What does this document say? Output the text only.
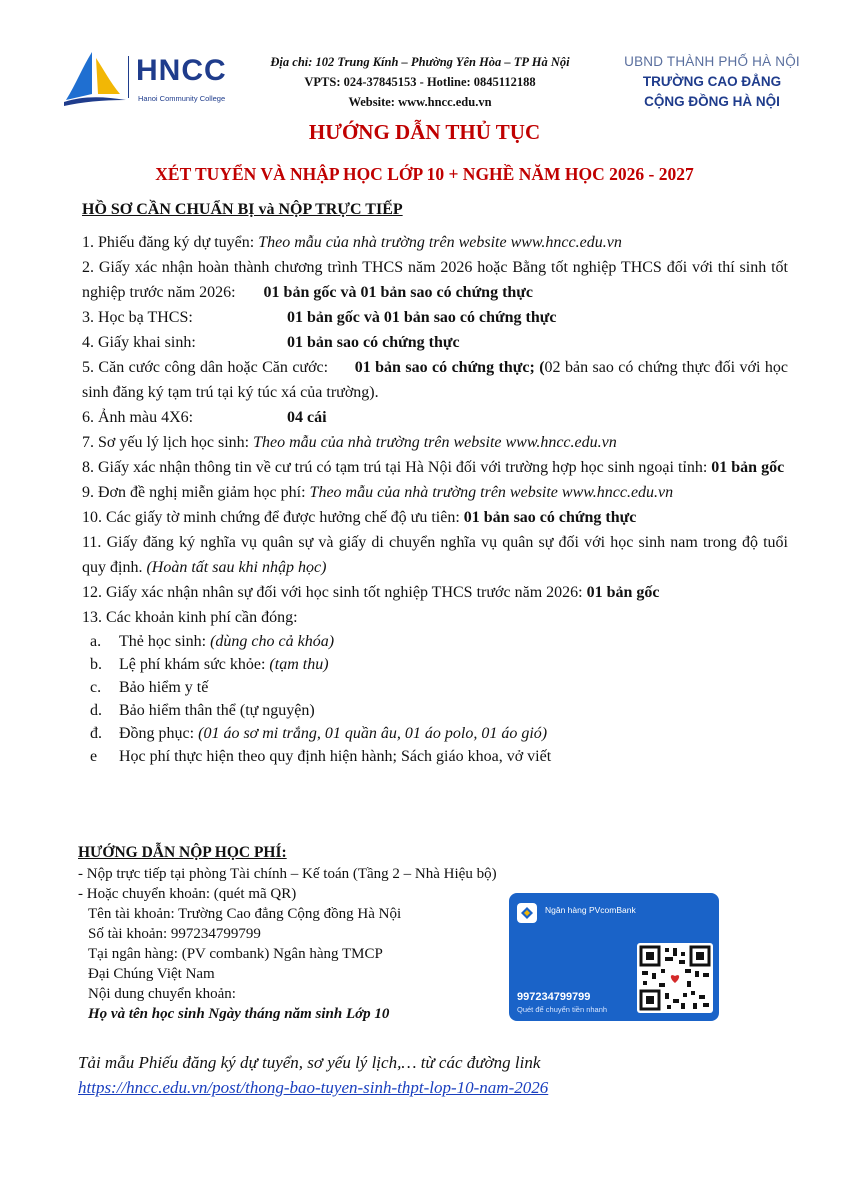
HNCC
Hanoi Community College
Địa chỉ: 102 Trung Kính – Phường Yên Hòa – TP Hà Nội
VPTS: 024-37845153 - Hotline: 0845112188
Website: www.hncc.edu.vn
UBND THÀNH PHỐ HÀ NỘI
TRƯỜNG CAO ĐẲNG
CỘNG ĐỒNG HÀ NỘI
HƯỚNG DẪN THỦ TỤC
XÉT TUYỂN VÀ NHẬP HỌC LỚP 10 + NGHỀ NĂM HỌC 2026 - 2027
HỒ SƠ CẦN CHUẨN BỊ và NỘP TRỰC TIẾP

1. Phiếu đăng ký dự tuyển: Theo mẫu của nhà trường trên website www.hncc.edu.vn

2. Giấy xác nhận hoàn thành chương trình THCS năm 2026 hoặc Bằng tốt nghiệp THCS đối với thí sinh tốt nghiệp trước năm 2026: 01 bản gốc và 01 bản sao có chứng thực

3. Học bạ THCS:	01 bản gốc và 01 bản sao có chứng thực

4. Giấy khai sinh:	01 bản sao có chứng thực

5. Căn cước công dân hoặc Căn cước: 01 bản sao có chứng thực; (02 bản sao có chứng thực đối với học sinh đăng ký tạm trú tại ký túc xá của trường).

6. Ảnh màu 4X6:	04 cái

7. Sơ yếu lý lịch học sinh: Theo mẫu của nhà trường trên website www.hncc.edu.vn

8. Giấy xác nhận thông tin về cư trú có tạm trú tại Hà Nội đối với trường hợp học sinh ngoại tỉnh: 01 bản gốc

9. Đơn đề nghị miễn giảm học phí: Theo mẫu của nhà trường trên website www.hncc.edu.vn

10. Các giấy tờ minh chứng để được hưởng chế độ ưu tiên: 01 bản sao có chứng thực

11. Giấy đăng ký nghĩa vụ quân sự và giấy di chuyển nghĩa vụ quân sự đối với học sinh nam trong độ tuổi quy định. (Hoàn tất sau khi nhập học)

12. Giấy xác nhận nhân sự đối với học sinh tốt nghiệp THCS trước năm 2026: 01 bản gốc

13. Các khoản kinh phí cần đóng:

a. Thẻ học sinh: (dùng cho cả khóa)

b. Lệ phí khám sức khỏe: (tạm thu)

c. Bảo hiểm y tế

d. Bảo hiểm thân thể (tự nguyện)

đ. Đồng phục: (01 áo sơ mi trắng, 01 quần âu, 01 áo polo, 01 áo gió)

e Học phí thực hiện theo quy định hiện hành; Sách giáo khoa, vở viết

HƯỚNG DẪN NỘP HỌC PHÍ:
- Nộp trực tiếp tại phòng Tài chính – Kế toán (Tầng 2 – Nhà Hiệu bộ)
- Hoặc chuyển khoản: (quét mã QR)
Tên tài khoản: Trường Cao đẳng Cộng đồng Hà Nội
Số tài khoản: 997234799799
Tại ngân hàng: (PV combank) Ngân hàng TMCP
Đại Chúng Việt Nam
Nội dung chuyển khoản:
Họ và tên học sinh Ngày tháng năm sinh Lớp 10
Ngân hàng PVcomBank
997234799799
Quét để chuyển tiền nhanh
Tải mẫu Phiếu đăng ký dự tuyển, sơ yếu lý lịch,… từ các đường link
https://hncc.edu.vn/post/thong-bao-tuyen-sinh-thpt-lop-10-nam-2026
